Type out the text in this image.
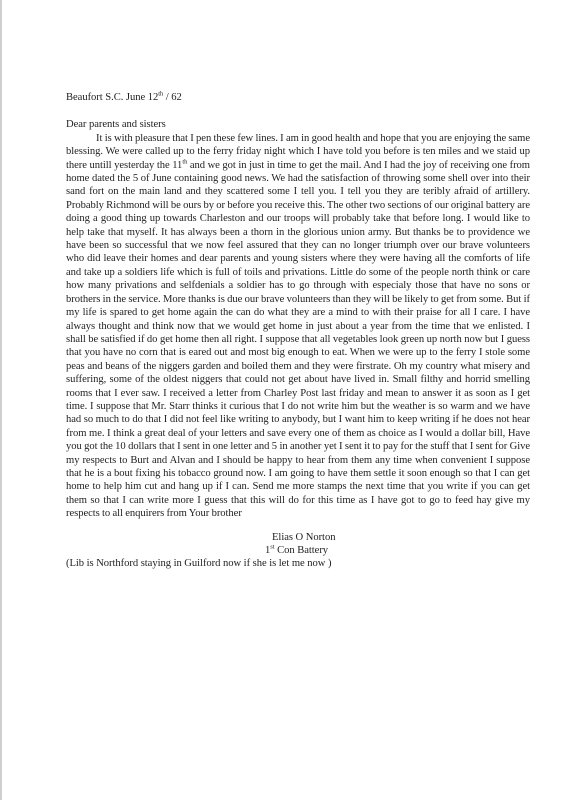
Beaufort S.C. June 12th / 62

Dear parents and sisters

It is with pleasure that I pen these few lines. I am in good health and hope that you are enjoying the same blessing. We were called up to the ferry friday night which I have told you before is ten miles and we staid up there untill yesterday the 11th and we got in just in time to get the mail. And I had the joy of receiving one from home dated the 5 of June containing good news. We had the satisfaction of throwing some shell over into their sand fort on the main land and they scattered some I tell you. I tell you they are teribly afraid of artillery. Probably Richmond will be ours by or before you receive this. The other two sections of our original battery are doing a good thing up towards Charleston and our troops will probably take that before long. I would like to help take that myself. It has always been a thorn in the glorious union army. But thanks be to providence we have been so successful that we now feel assured that they can no longer triumph over our brave volunteers who did leave their homes and dear parents and young sisters where they were having all the comforts of life and take up a soldiers life which is full of toils and privations. Little do some of the people north think or care how many privations and selfdenials a soldier has to go through with especialy those that have no sons or brothers in the service. More thanks is due our brave volunteers than they will be likely to get from some. But if my life is spared to get home again the can do what they are a mind to with their praise for all I care. I have always thought and think now that we would get home in just about a year from the time that we enlisted. I shall be satisfied if do get home then all right. I suppose that all vegetables look green up north now but I guess that you have no corn that is eared out and most big enough to eat. When we were up to the ferry I stole some peas and beans of the niggers garden and boiled them and they were firstrate. Oh my country what misery and suffering, some of the oldest niggers that could not get about have lived in. Small filthy and horrid smelling rooms that I ever saw. I received a letter from Charley Post last friday and mean to answer it as soon as I get time. I suppose that Mr. Starr thinks it curious that I do not write him but the weather is so warm and we have had so much to do that I did not feel like writing to anybody, but I want him to keep writing if he does not hear from me. I think a great deal of your letters and save every one of them as choice as I would a dollar bill, Have you got the 10 dollars that I sent in one letter and 5 in another yet I sent it to pay for the stuff that I sent for Give my respects to Burt and Alvan and I should be happy to hear from them any time when convenient I suppose that he is a bout fixing his tobacco ground now. I am going to have them settle it soon enough so that I can get home to help him cut and hang up if I can. Send me more stamps the next time that you write if you can get them so that I can write more I guess that this will do for this time as I have got to go to feed hay give my respects to all enquirers from Your brother

Elias O Norton
1st Con Battery

(Lib is Northford staying in Guilford now if she is let me now )
